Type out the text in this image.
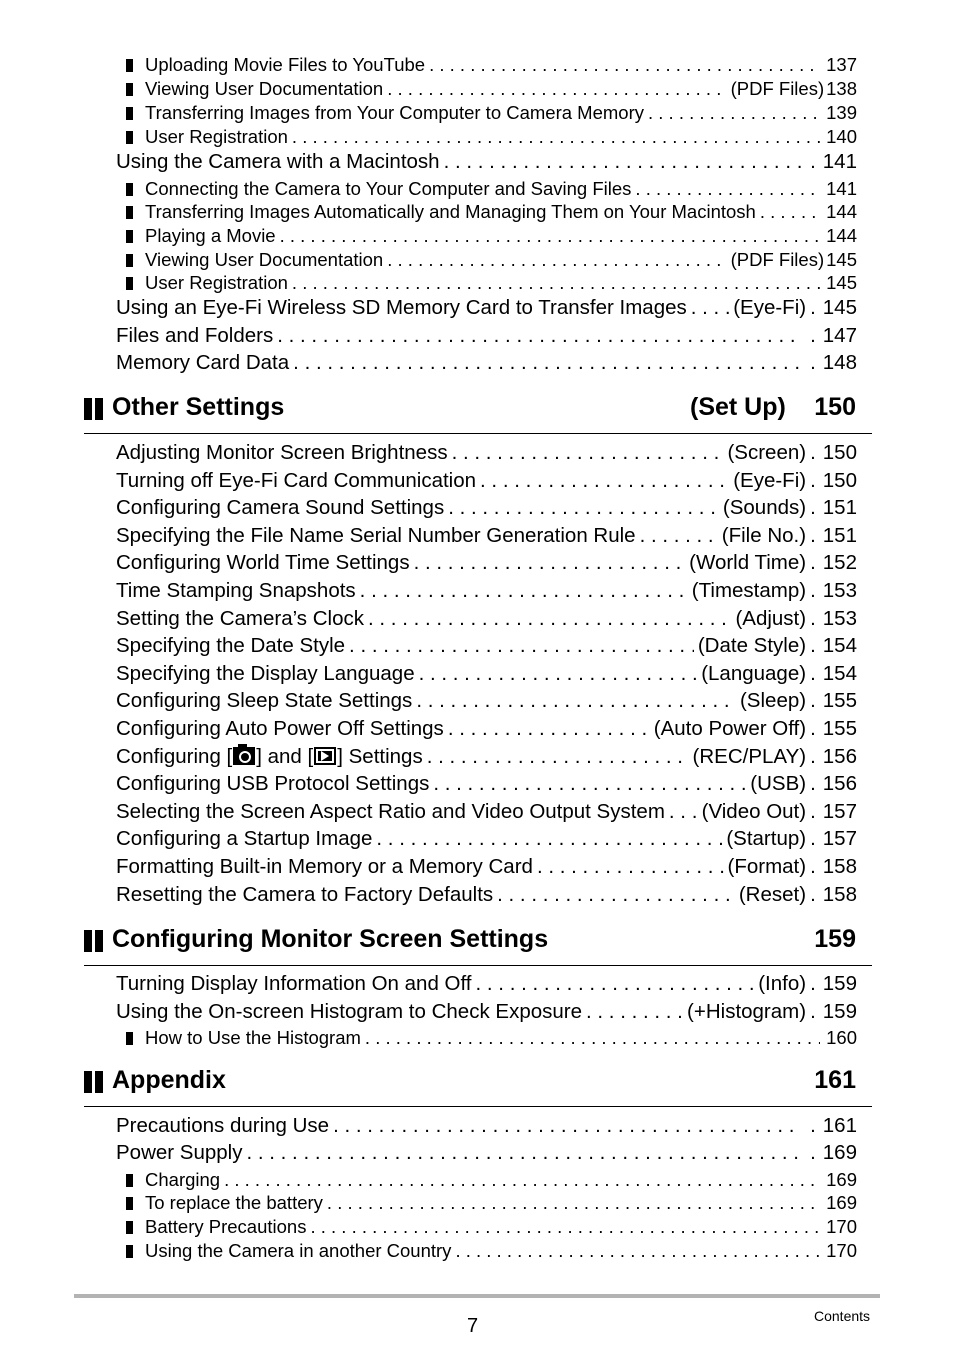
Uploading Movie Files to YouTube . . .	137
Viewing User Documentation . . .	(PDF Files) 138
Transferring Images from Your Computer to Camera Memory . . .	139
User Registration . . .	140
Using the Camera with a Macintosh . . . .	141
Connecting the Camera to Your Computer and Saving Files . . .	141
Transferring Images Automatically and Managing Them on Your Macintosh . . .	144
Playing a Movie . . .	144
Viewing User Documentation . . .	(PDF Files) 145
User Registration . . .	145
Using an Eye-Fi Wireless SD Memory Card to Transfer Images . . . (Eye-Fi) . 145
Files and Folders . . . .	147
Memory Card Data . . . .	148
Other Settings	(Set Up) 150
Adjusting Monitor Screen Brightness . . .	(Screen) . 150
Turning off Eye-Fi Card Communication . . .	(Eye-Fi) . 150
Configuring Camera Sound Settings . . .	(Sounds) . 151
Specifying the File Name Serial Number Generation Rule . . .	(File No.) . 151
Configuring World Time Settings . . .	(World Time) . 152
Time Stamping Snapshots . . .	(Timestamp) . 153
Setting the Camera’s Clock . . .	(Adjust) . 153
Specifying the Date Style . . .	(Date Style) . 154
Specifying the Display Language . . .	(Language) . 154
Configuring Sleep State Settings . . .	(Sleep) . 155
Configuring Auto Power Off Settings . . .	(Auto Power Off) . 155
Configuring [ ] and [ ] Settings . . .	(REC/PLAY) . 156
Configuring USB Protocol Settings . . .	(USB) . 156
Selecting the Screen Aspect Ratio and Video Output System . . . (Video Out) . 157
Configuring a Startup Image . . .	(Startup) . 157
Formatting Built-in Memory or a Memory Card . . .	(Format) . 158
Resetting the Camera to Factory Defaults . . .	(Reset) . 158
Configuring Monitor Screen Settings	159
Turning Display Information On and Off . . .	(Info) . 159
Using the On-screen Histogram to Check Exposure . . .	(+Histogram) . 159
How to Use the Histogram . . .	160
Appendix	161
Precautions during Use . . . .	161
Power Supply . . . .	169
Charging . . .	169
To replace the battery . . .	169
Battery Precautions . . .	170
Using the Camera in another Country . . .	170
7	Contents
